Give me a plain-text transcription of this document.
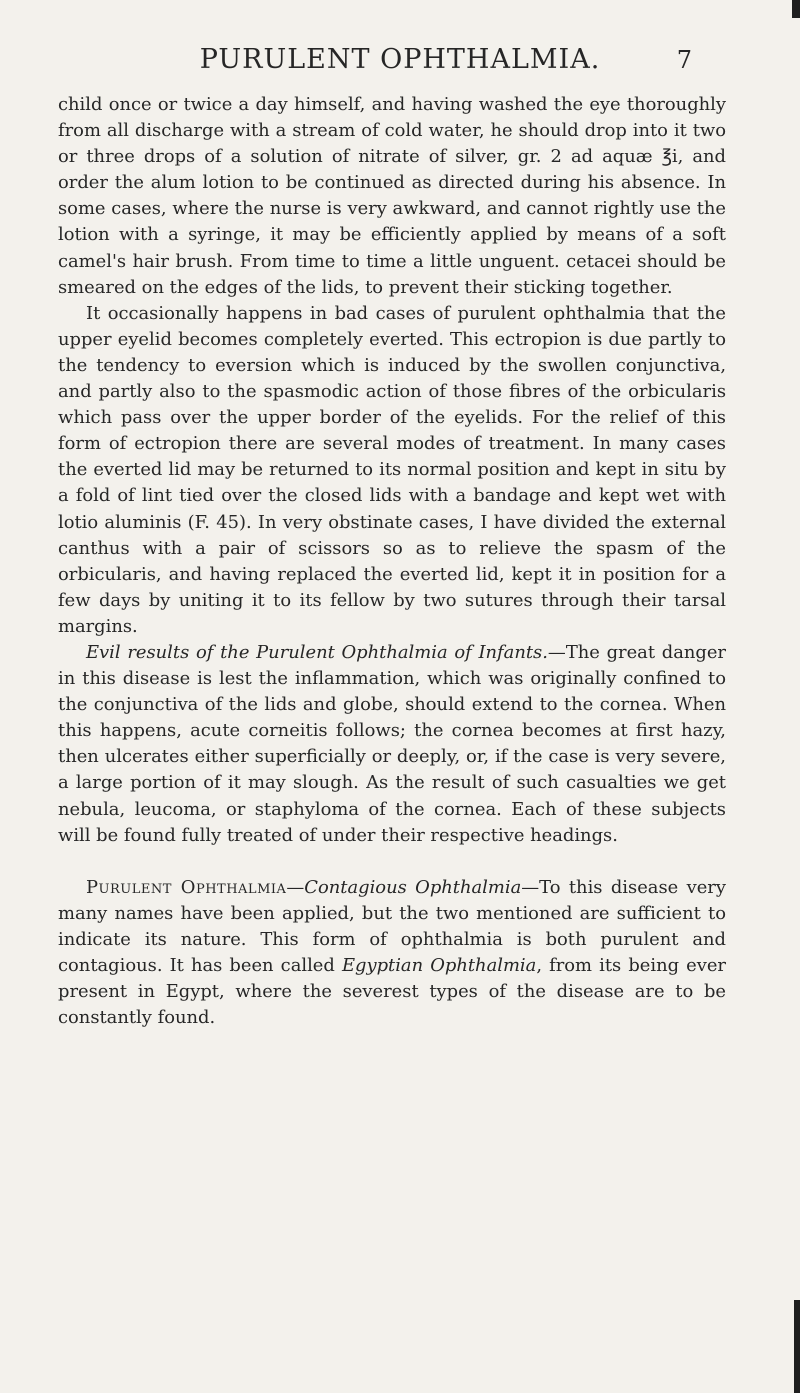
PURULENT OPHTHALMIA.	7

child once or twice a day himself, and having washed the eye thoroughly from all discharge with a stream of cold water, he should drop into it two or three drops of a solution of nitrate of silver, gr. 2 ad aquæ ℥i, and order the alum lotion to be continued as directed during his absence. In some cases, where the nurse is very awkward, and cannot rightly use the lotion with a syringe, it may be efficiently applied by means of a soft camel's hair brush. From time to time a little unguent. cetacei should be smeared on the edges of the lids, to prevent their sticking together.

It occasionally happens in bad cases of purulent ophthalmia that the upper eyelid becomes completely everted. This ectropion is due partly to the tendency to eversion which is induced by the swollen conjunctiva, and partly also to the spasmodic action of those fibres of the orbicularis which pass over the upper border of the eyelids. For the relief of this form of ectropion there are several modes of treatment. In many cases the everted lid may be returned to its normal position and kept in situ by a fold of lint tied over the closed lids with a bandage and kept wet with lotio aluminis (F. 45). In very obstinate cases, I have divided the external canthus with a pair of scissors so as to relieve the spasm of the orbicularis, and having replaced the everted lid, kept it in position for a few days by uniting it to its fellow by two sutures through their tarsal margins.

Evil results of the Purulent Ophthalmia of Infants.—The great danger in this disease is lest the inflammation, which was originally confined to the conjunctiva of the lids and globe, should extend to the cornea. When this happens, acute corneitis follows; the cornea becomes at first hazy, then ulcerates either superficially or deeply, or, if the case is very severe, a large portion of it may slough. As the result of such casualties we get nebula, leucoma, or staphyloma of the cornea. Each of these subjects will be found fully treated of under their respective headings.

Purulent Ophthalmia—Contagious Ophthalmia—To this disease very many names have been applied, but the two mentioned are sufficient to indicate its nature. This form of ophthalmia is both purulent and contagious. It has been called Egyptian Ophthalmia, from its being ever present in Egypt, where the severest types of the disease are to be constantly found.
